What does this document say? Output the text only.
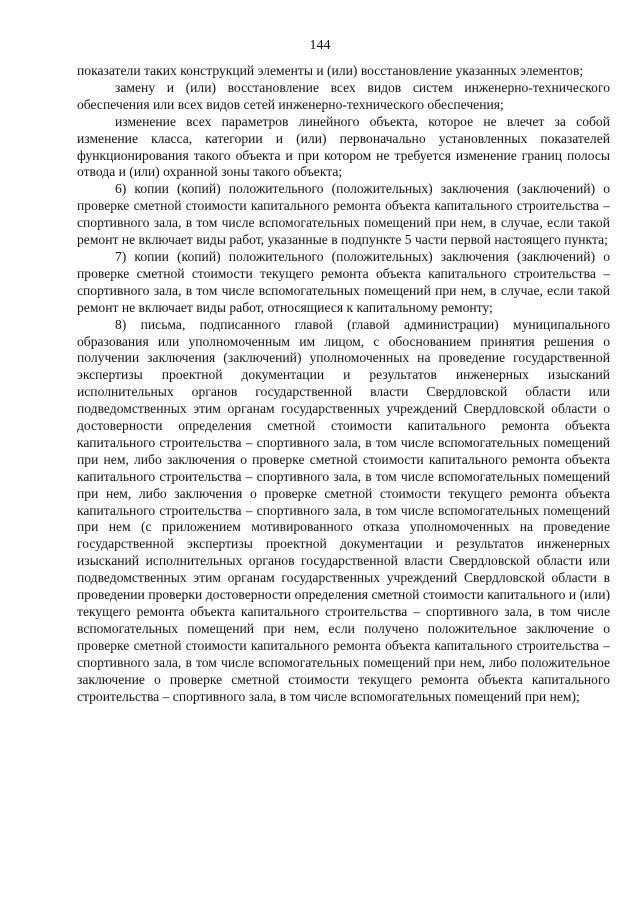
144

показатели таких конструкций элементы и (или) восстановление указанных элементов;

замену и (или) восстановление всех видов систем инженерно-технического обеспечения или всех видов сетей инженерно-технического обеспечения;

изменение всех параметров линейного объекта, которое не влечет за собой изменение класса, категории и (или) первоначально установленных показателей функционирования такого объекта и при котором не требуется изменение границ полосы отвода и (или) охранной зоны такого объекта;

6) копии (копий) положительного (положительных) заключения (заключений) о проверке сметной стоимости капитального ремонта объекта капитального строительства – спортивного зала, в том числе вспомогательных помещений при нем, в случае, если такой ремонт не включает виды работ, указанные в подпункте 5 части первой настоящего пункта;

7) копии (копий) положительного (положительных) заключения (заключений) о проверке сметной стоимости текущего ремонта объекта капитального строительства – спортивного зала, в том числе вспомогательных помещений при нем, в случае, если такой ремонт не включает виды работ, относящиеся к капитальному ремонту;

8) письма, подписанного главой (главой администрации) муниципального образования или уполномоченным им лицом, с обоснованием принятия решения о получении заключения (заключений) уполномоченных на проведение государственной экспертизы проектной документации и результатов инженерных изысканий исполнительных органов государственной власти Свердловской области или подведомственных этим органам государственных учреждений Свердловской области о достоверности определения сметной стоимости капитального ремонта объекта капитального строительства – спортивного зала, в том числе вспомогательных помещений при нем, либо заключения о проверке сметной стоимости капитального ремонта объекта капитального строительства – спортивного зала, в том числе вспомогательных помещений при нем, либо заключения о проверке сметной стоимости текущего ремонта объекта капитального строительства – спортивного зала, в том числе вспомогательных помещений при нем (с приложением мотивированного отказа уполномоченных на проведение государственной экспертизы проектной документации и результатов инженерных изысканий исполнительных органов государственной власти Свердловской области или подведомственных этим органам государственных учреждений Свердловской области в проведении проверки достоверности определения сметной стоимости капитального и (или) текущего ремонта объекта капитального строительства – спортивного зала, в том числе вспомогательных помещений при нем, если получено положительное заключение о проверке сметной стоимости капитального ремонта объекта капитального строительства – спортивного зала, в том числе вспомогательных помещений при нем, либо положительное заключение о проверке сметной стоимости текущего ремонта объекта капитального строительства – спортивного зала, в том числе вспомогательных помещений при нем);
